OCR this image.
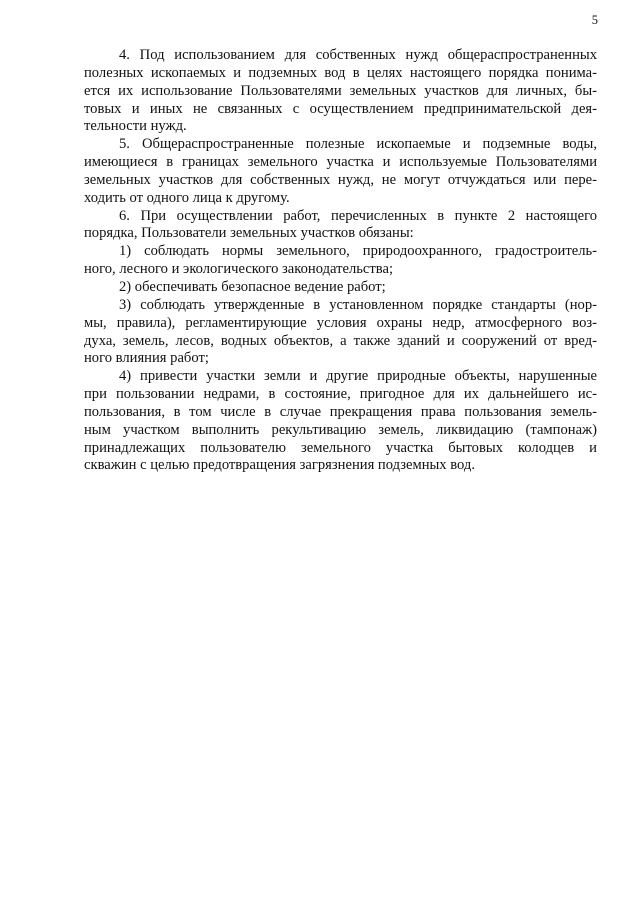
5
4. Под использованием для собственных нужд общераспространенных
полезных ископаемых и подземных вод в целях настоящего порядка понима-
ется их использование Пользователями земельных участков для личных, бы-
товых и иных не связанных с осуществлением предпринимательской дея-
тельности нужд.
5. Общераспространенные полезные ископаемые и подземные воды,
имеющиеся в границах земельного участка и используемые Пользователями
земельных участков для собственных нужд, не могут отчуждаться или пере-
ходить от одного лица к другому.
6. При осуществлении работ, перечисленных в пункте 2 настоящего
порядка, Пользователи земельных участков обязаны:
1) соблюдать нормы земельного, природоохранного, градостроитель-
ного, лесного и экологического законодательства;
2) обеспечивать безопасное ведение работ;
3) соблюдать утвержденные в установленном порядке стандарты (нор-
мы, правила), регламентирующие условия охраны недр, атмосферного воз-
духа, земель, лесов, водных объектов, а также зданий и сооружений от вред-
ного влияния работ;
4) привести участки земли и другие природные объекты, нарушенные
при пользовании недрами, в состояние, пригодное для их дальнейшего ис-
пользования, в том числе в случае прекращения права пользования земель-
ным участком выполнить рекультивацию земель, ликвидацию (тампонаж)
принадлежащих пользователю земельного участка бытовых колодцев и
скважин с целью предотвращения загрязнения подземных вод.
